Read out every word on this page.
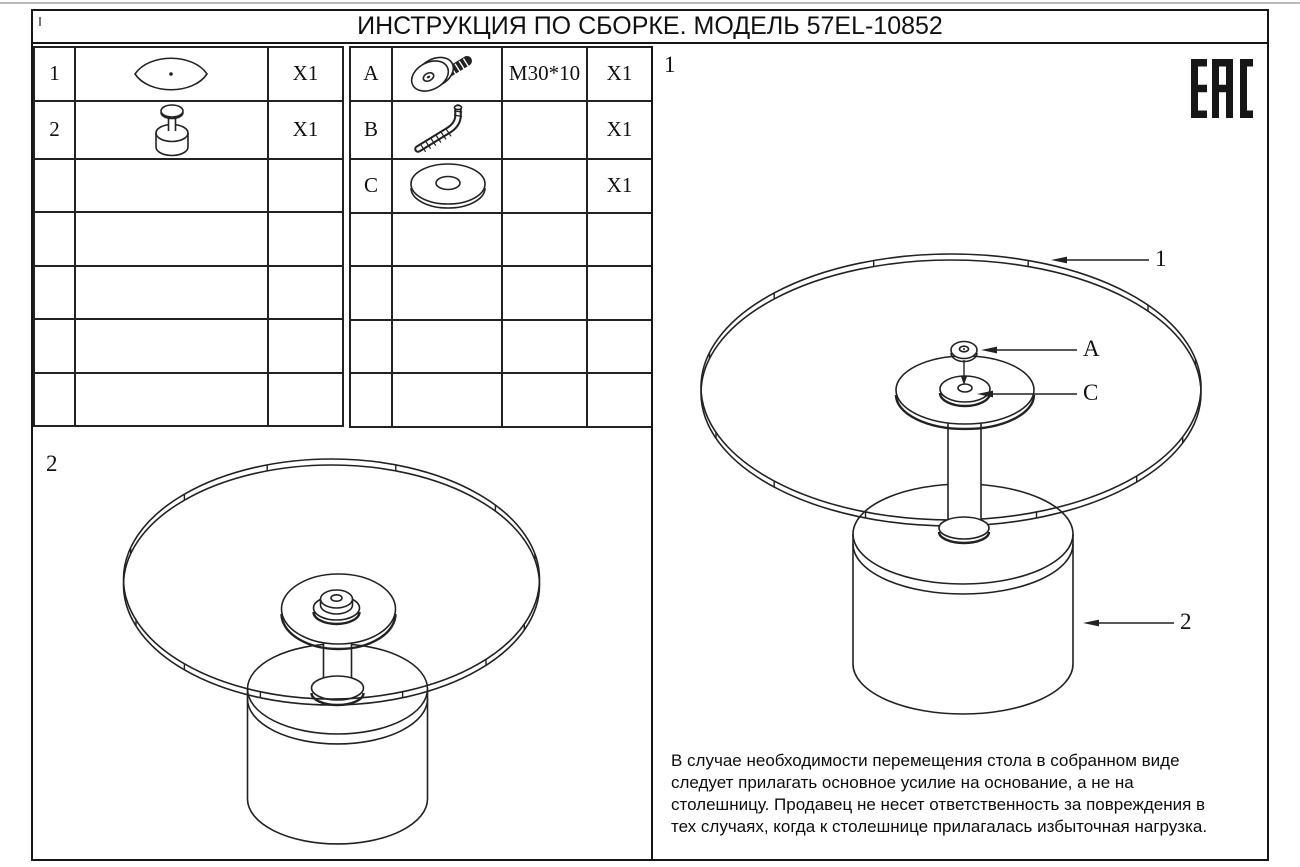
ИНСТРУКЦИЯ ПО СБОРКЕ. МОДЕЛЬ 57EL-10852
1		X1
2		X1

A		M30*10	X1
B			X1
C			X1

2
1
1
A
C
2
В случае необходимости перемещения стола в собранном виде
следует прилагать основное усилие на основание, а не на
столешницу. Продавец не несет ответственность за повреждения в
тех случаях, когда к столешнице прилагалась избыточная нагрузка.
